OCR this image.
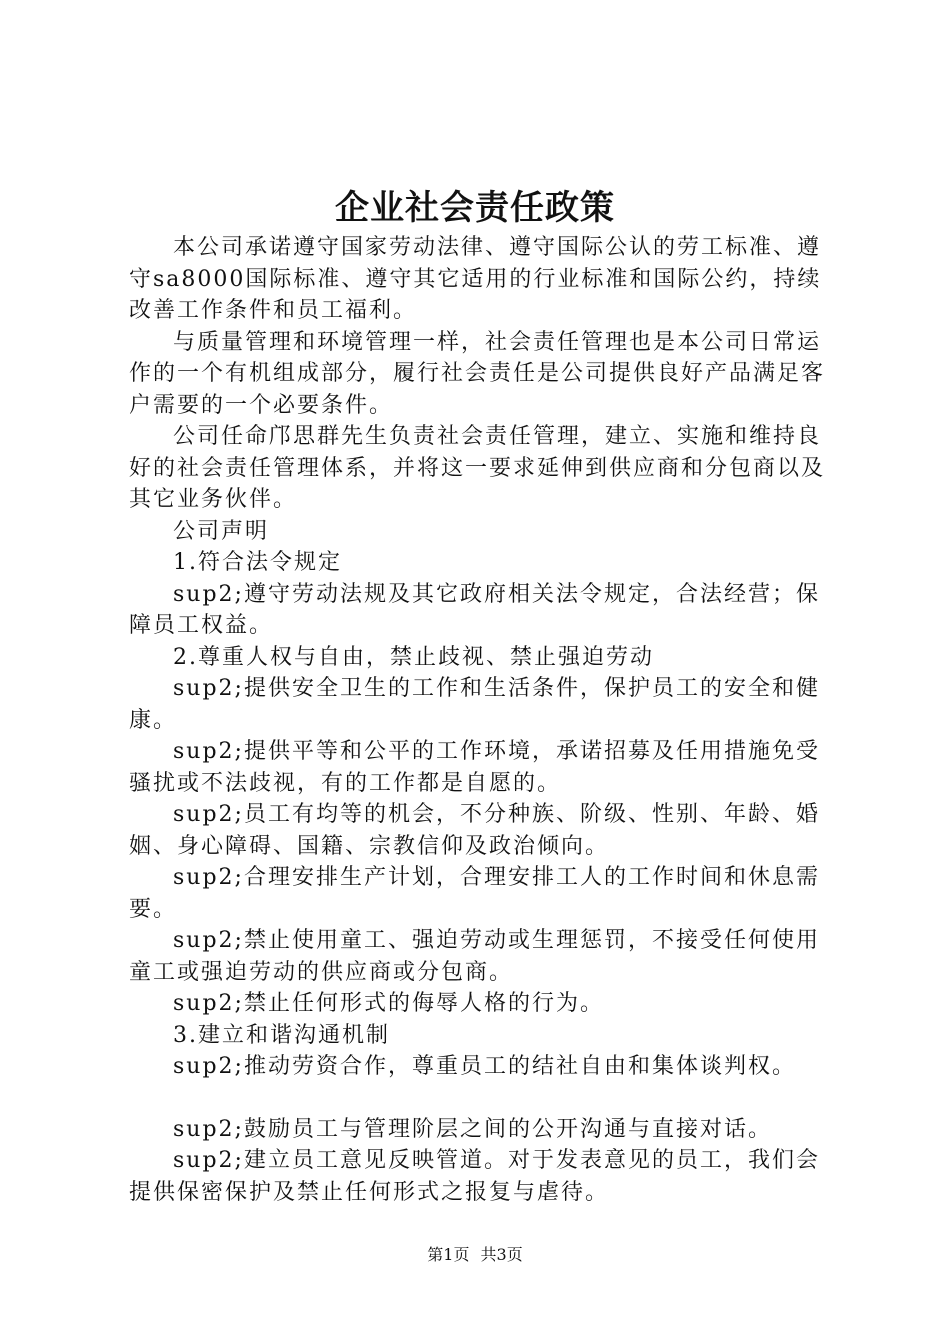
企业社会责任政策

本公司承诺遵守国家劳动法律、遵守国际公认的劳工标准、遵守sa8000国际标准、遵守其它适用的行业标准和国际公约，持续改善工作条件和员工福利。

与质量管理和环境管理一样，社会责任管理也是本公司日常运作的一个有机组成部分，履行社会责任是公司提供良好产品满足客户需要的一个必要条件。

公司任命邝思群先生负责社会责任管理，建立、实施和维持良好的社会责任管理体系，并将这一要求延伸到供应商和分包商以及其它业务伙伴。

公司声明

1.符合法令规定

sup2;遵守劳动法规及其它政府相关法令规定，合法经营；保障员工权益。

2.尊重人权与自由，禁止歧视、禁止强迫劳动

sup2;提供安全卫生的工作和生活条件，保护员工的安全和健康。

sup2;提供平等和公平的工作环境，承诺招募及任用措施免受骚扰或不法歧视，有的工作都是自愿的。

sup2;员工有均等的机会，不分种族、阶级、性别、年龄、婚姻、身心障碍、国籍、宗教信仰及政治倾向。

sup2;合理安排生产计划，合理安排工人的工作时间和休息需要。

sup2;禁止使用童工、强迫劳动或生理惩罚，不接受任何使用童工或强迫劳动的供应商或分包商。

sup2;禁止任何形式的侮辱人格的行为。

3.建立和谐沟通机制

sup2;推动劳资合作，尊重员工的结社自由和集体谈判权。

sup2;鼓励员工与管理阶层之间的公开沟通与直接对话。

sup2;建立员工意见反映管道。对于发表意见的员工，我们会提供保密保护及禁止任何形式之报复与虐待。

第1页 共3页
